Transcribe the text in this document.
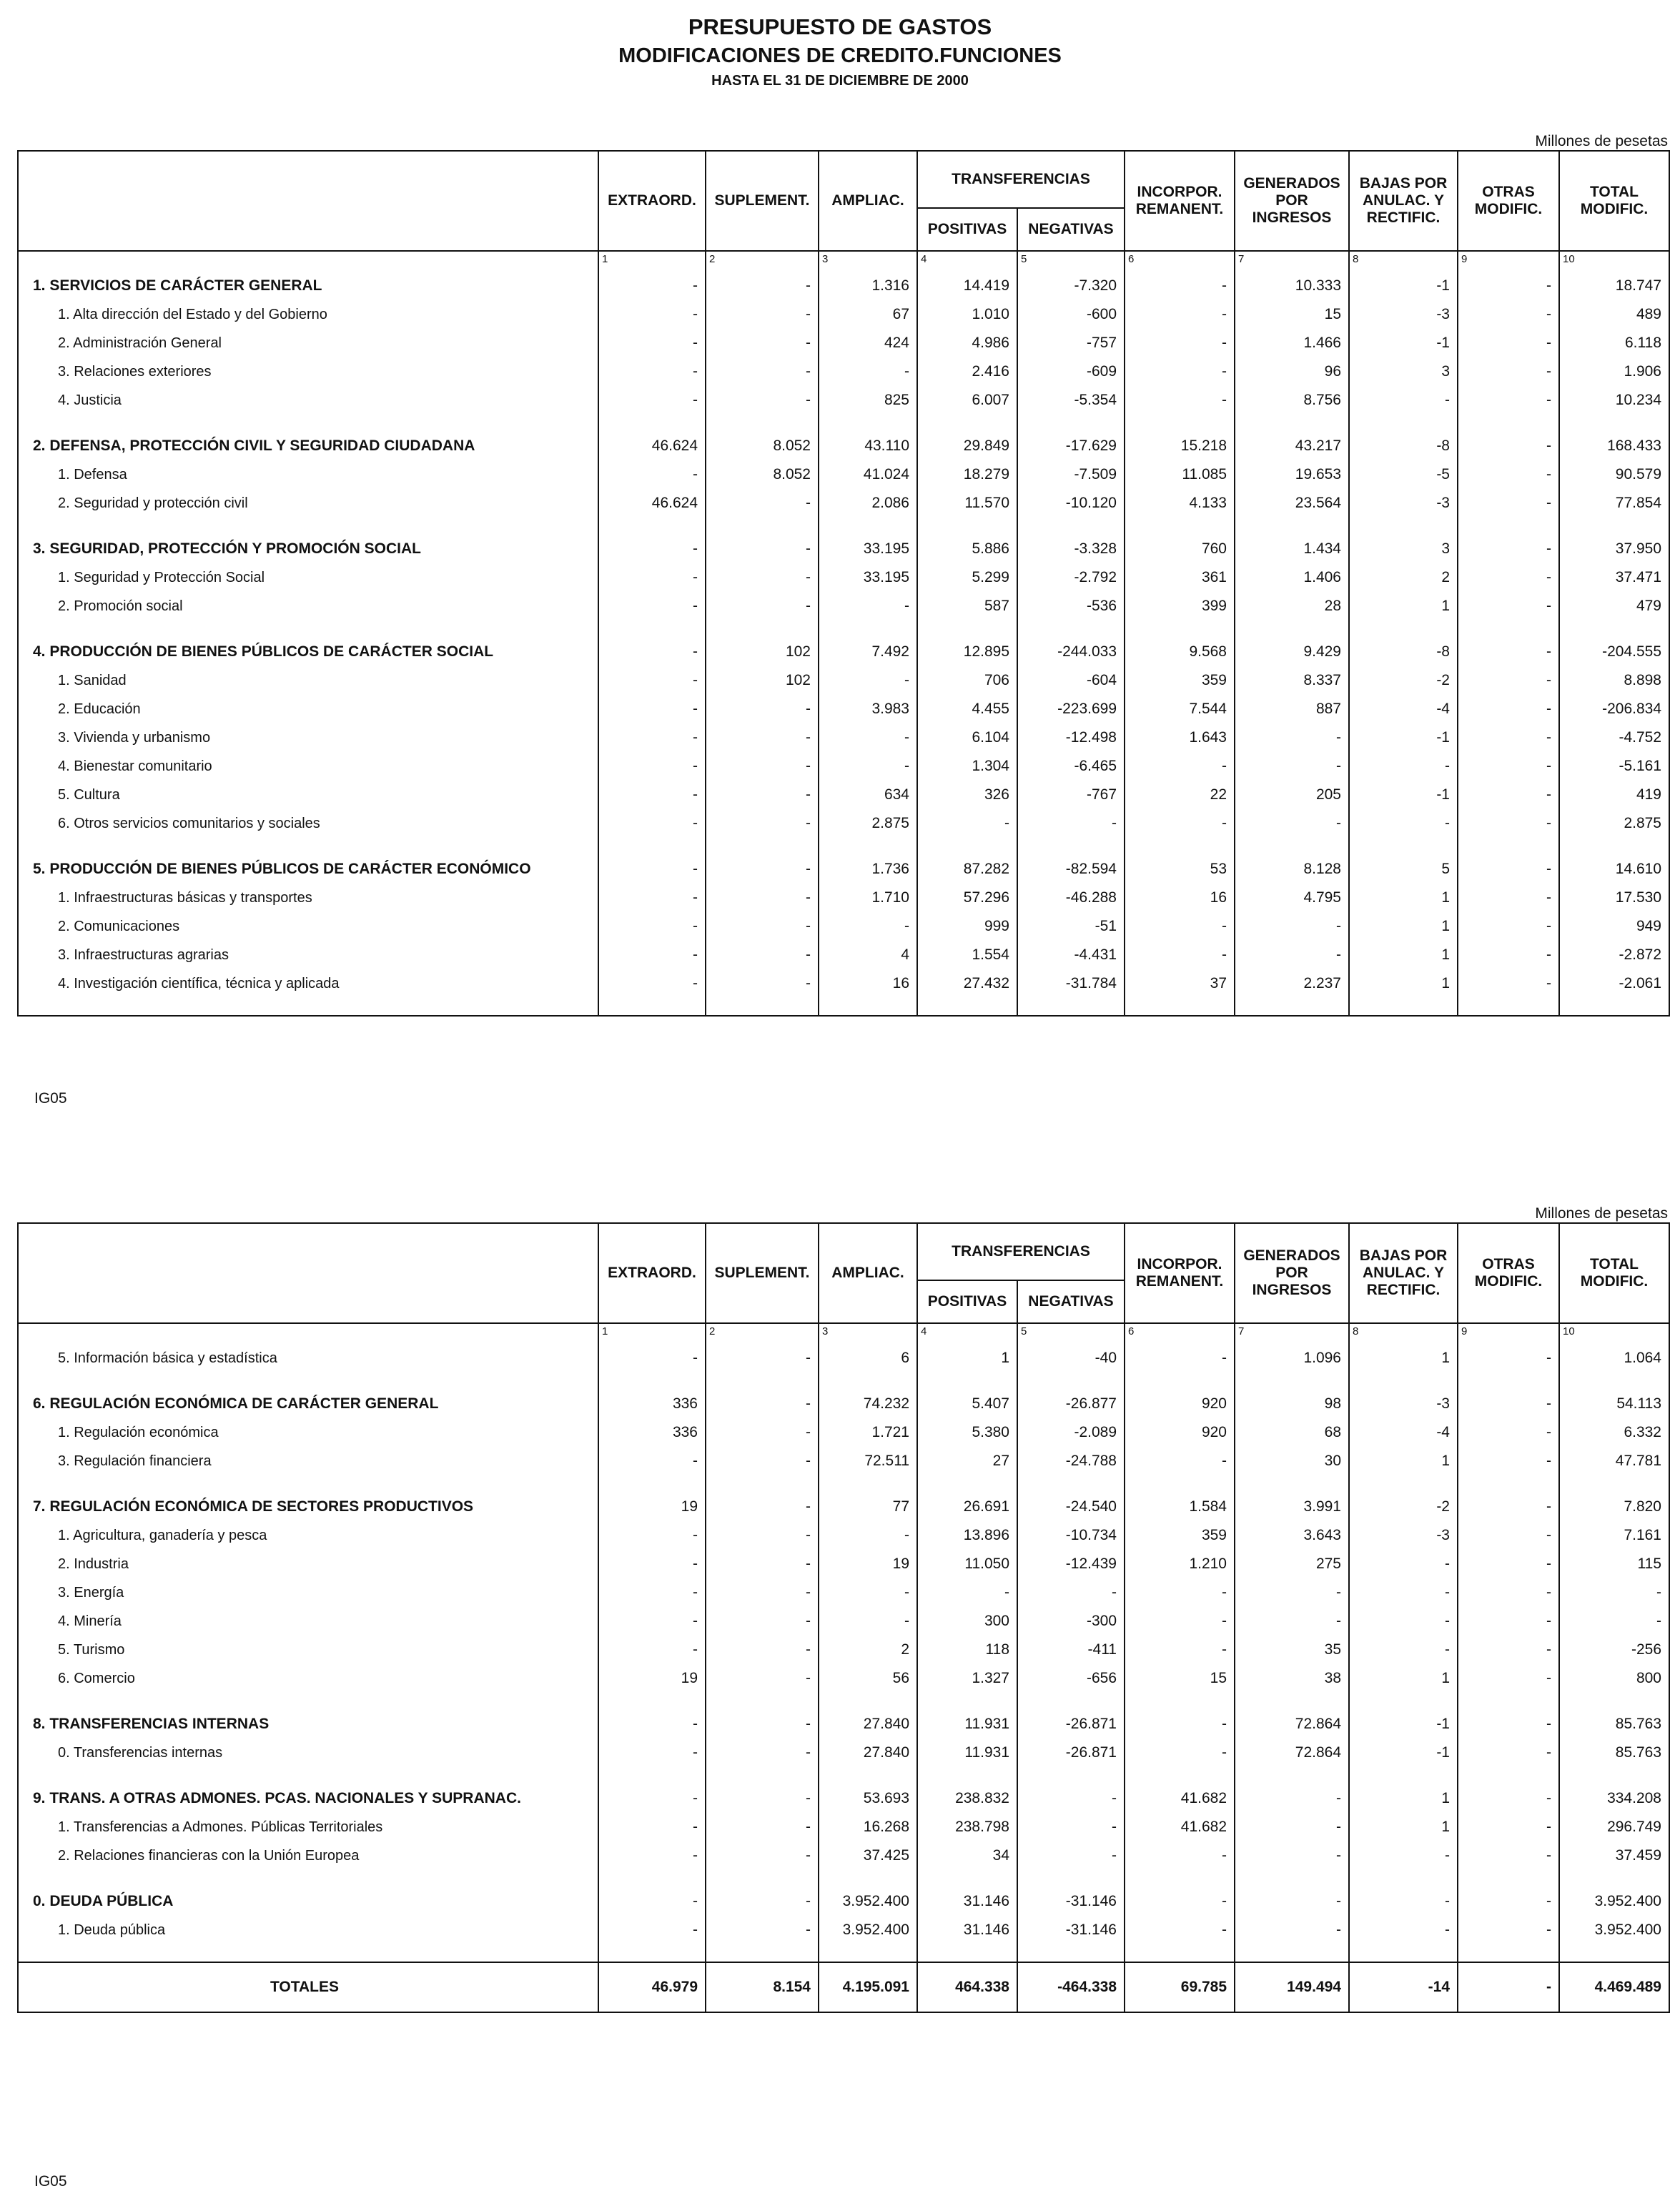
PRESUPUESTO DE GASTOS
MODIFICACIONES DE CREDITO.FUNCIONES
HASTA EL 31 DE DICIEMBRE DE 2000
Millones de pesetas
	EXTRAORD.	SUPLEMENT.	AMPLIAC.	TRANSFERENCIAS		INCORPOR. REMANENT.	GENERADOS POR INGRESOS	BAJAS POR ANULAC. Y RECTIFIC.	OTRAS MODIFIC.	TOTAL MODIFIC.
				POSITIVAS	NEGATIVAS					
	1	2	3	4	5	6	7	8	9	10
1. SERVICIOS DE CARÁCTER GENERAL	-	-	1.316	14.419	-7.320	-	10.333	-1	-	18.747
1. Alta dirección del Estado y del Gobierno	-	-	67	1.010	-600	-	15	-3	-	489
2. Administración General	-	-	424	4.986	-757	-	1.466	-1	-	6.118
3. Relaciones exteriores	-	-	-	2.416	-609	-	96	3	-	1.906
4. Justicia	-	-	825	6.007	-5.354	-	8.756	-	-	10.234

2. DEFENSA, PROTECCIÓN CIVIL Y SEGURIDAD CIUDADANA	46.624	8.052	43.110	29.849	-17.629	15.218	43.217	-8	-	168.433
1. Defensa	-	8.052	41.024	18.279	-7.509	11.085	19.653	-5	-	90.579
2. Seguridad y protección civil	46.624	-	2.086	11.570	-10.120	4.133	23.564	-3	-	77.854

3. SEGURIDAD, PROTECCIÓN Y PROMOCIÓN SOCIAL	-	-	33.195	5.886	-3.328	760	1.434	3	-	37.950
1. Seguridad y Protección Social	-	-	33.195	5.299	-2.792	361	1.406	2	-	37.471
2. Promoción social	-	-	-	587	-536	399	28	1	-	479

4. PRODUCCIÓN DE BIENES PÚBLICOS DE CARÁCTER SOCIAL	-	102	7.492	12.895	-244.033	9.568	9.429	-8	-	-204.555
1. Sanidad	-	102	-	706	-604	359	8.337	-2	-	8.898
2. Educación	-	-	3.983	4.455	-223.699	7.544	887	-4	-	-206.834
3. Vivienda y urbanismo	-	-	-	6.104	-12.498	1.643	-	-1	-	-4.752
4. Bienestar comunitario	-	-	-	1.304	-6.465	-	-	-	-	-5.161
5. Cultura	-	-	634	326	-767	22	205	-1	-	419
6. Otros servicios comunitarios y sociales	-	-	2.875	-	-	-	-	-	-	2.875

5. PRODUCCIÓN DE BIENES PÚBLICOS DE CARÁCTER ECONÓMICO	-	-	1.736	87.282	-82.594	53	8.128	5	-	14.610
1. Infraestructuras básicas y transportes	-	-	1.710	57.296	-46.288	16	4.795	1	-	17.530
2. Comunicaciones	-	-	-	999	-51	-	-	1	-	949
3. Infraestructuras agrarias	-	-	4	1.554	-4.431	-	-	1	-	-2.872
4. Investigación científica, técnica y aplicada	-	-	16	27.432	-31.784	37	2.237	1	-	-2.061

IG05
Millones de pesetas
	EXTRAORD.	SUPLEMENT.	AMPLIAC.	TRANSFERENCIAS		INCORPOR. REMANENT.	GENERADOS POR INGRESOS	BAJAS POR ANULAC. Y RECTIFIC.	OTRAS MODIFIC.	TOTAL MODIFIC.
				POSITIVAS	NEGATIVAS					
	1	2	3	4	5	6	7	8	9	10
5. Información básica y estadística	-	-	6	1	-40	-	1.096	1	-	1.064

6. REGULACIÓN ECONÓMICA DE CARÁCTER GENERAL	336	-	74.232	5.407	-26.877	920	98	-3	-	54.113
1. Regulación económica	336	-	1.721	5.380	-2.089	920	68	-4	-	6.332
3. Regulación financiera	-	-	72.511	27	-24.788	-	30	1	-	47.781

7. REGULACIÓN ECONÓMICA DE SECTORES PRODUCTIVOS	19	-	77	26.691	-24.540	1.584	3.991	-2	-	7.820
1. Agricultura, ganadería y pesca	-	-	-	13.896	-10.734	359	3.643	-3	-	7.161
2. Industria	-	-	19	11.050	-12.439	1.210	275	-	-	115
3. Energía	-	-	-	-	-	-	-	-	-	-
4. Minería	-	-	-	300	-300	-	-	-	-	-
5. Turismo	-	-	2	118	-411	-	35	-	-	-256
6. Comercio	19	-	56	1.327	-656	15	38	1	-	800

8. TRANSFERENCIAS INTERNAS	-	-	27.840	11.931	-26.871	-	72.864	-1	-	85.763
0. Transferencias internas	-	-	27.840	11.931	-26.871	-	72.864	-1	-	85.763

9. TRANS. A OTRAS ADMONES. PCAS. NACIONALES Y SUPRANAC.	-	-	53.693	238.832	-	41.682	-	1	-	334.208
1. Transferencias a Admones. Públicas Territoriales	-	-	16.268	238.798	-	41.682	-	1	-	296.749
2. Relaciones financieras con la Unión Europea	-	-	37.425	34	-	-	-	-	-	37.459

0. DEUDA PÚBLICA	-	-	3.952.400	31.146	-31.146	-	-	-	-	3.952.400
1. Deuda pública	-	-	3.952.400	31.146	-31.146	-	-	-	-	3.952.400

TOTALES	46.979	8.154	4.195.091	464.338	-464.338	69.785	149.494	-14	-	4.469.489
IG05
